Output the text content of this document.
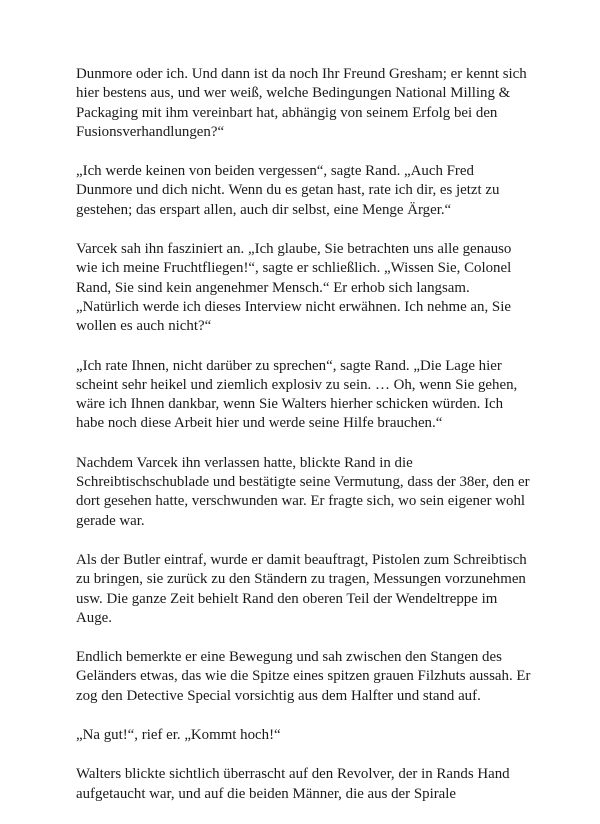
Dunmore oder ich. Und dann ist da noch Ihr Freund Gresham; er kennt sich
hier bestens aus, und wer weiß, welche Bedingungen National Milling &
Packaging mit ihm vereinbart hat, abhängig von seinem Erfolg bei den
Fusionsverhandlungen?“

„Ich werde keinen von beiden vergessen“, sagte Rand. „Auch Fred
Dunmore und dich nicht. Wenn du es getan hast, rate ich dir, es jetzt zu
gestehen; das erspart allen, auch dir selbst, eine Menge Ärger.“

Varcek sah ihn fasziniert an. „Ich glaube, Sie betrachten uns alle genauso
wie ich meine Fruchtfliegen!“, sagte er schließlich. „Wissen Sie, Colonel
Rand, Sie sind kein angenehmer Mensch.“ Er erhob sich langsam.
„Natürlich werde ich dieses Interview nicht erwähnen. Ich nehme an, Sie
wollen es auch nicht?“

„Ich rate Ihnen, nicht darüber zu sprechen“, sagte Rand. „Die Lage hier
scheint sehr heikel und ziemlich explosiv zu sein. … Oh, wenn Sie gehen,
wäre ich Ihnen dankbar, wenn Sie Walters hierher schicken würden. Ich
habe noch diese Arbeit hier und werde seine Hilfe brauchen.“

Nachdem Varcek ihn verlassen hatte, blickte Rand in die
Schreibtischschublade und bestätigte seine Vermutung, dass der 38er, den er
dort gesehen hatte, verschwunden war. Er fragte sich, wo sein eigener wohl
gerade war.

Als der Butler eintraf, wurde er damit beauftragt, Pistolen zum Schreibtisch
zu bringen, sie zurück zu den Ständern zu tragen, Messungen vorzunehmen
usw. Die ganze Zeit behielt Rand den oberen Teil der Wendeltreppe im
Auge.

Endlich bemerkte er eine Bewegung und sah zwischen den Stangen des
Geländers etwas, das wie die Spitze eines spitzen grauen Filzhuts aussah. Er
zog den Detective Special vorsichtig aus dem Halfter und stand auf.

„Na gut!“, rief er. „Kommt hoch!“

Walters blickte sichtlich überrascht auf den Revolver, der in Rands Hand
aufgetaucht war, und auf die beiden Männer, die aus der Spirale
